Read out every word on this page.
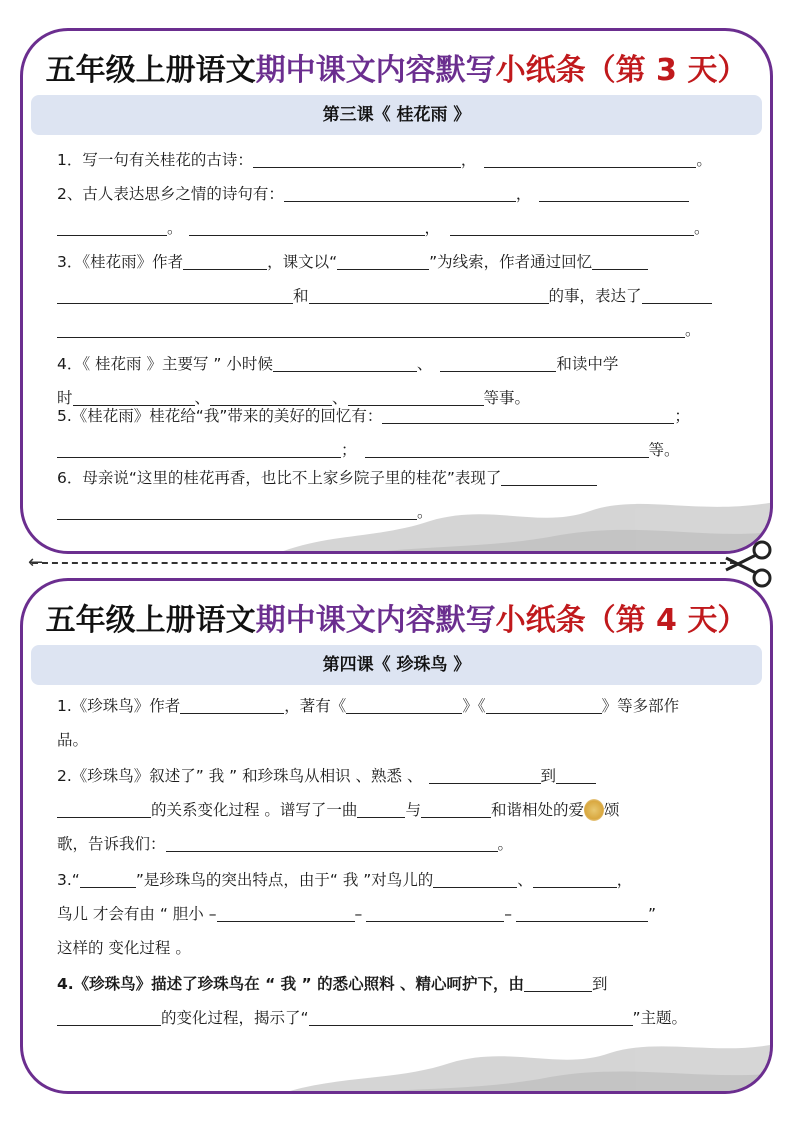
五年级上册语文期中课文内容默写小纸条（第 3 天）
第三课《 桂花雨 》

1．写一句有关桂花的古诗：	，	。

2、古人表达思乡之情的诗句有：	，

。	，	。

3．《桂花雨》作者	，课文以“	”为线索，作者通过回忆

和	的事，表达了

。

4．《 桂花雨 》主要写 ” 小时候	、	和读中学

时	、	、	等事。

5.《桂花雨》桂花给“我”带来的美好的回忆有：	；

；	等。

6．母亲说“这里的桂花再香，也比不上家乡院子里的桂花”表现了

。

←
五年级上册语文期中课文内容默写小纸条（第 4 天）
第四课《 珍珠鸟 》

1.《珍珠鸟》作者	，著有《	》《	》等多部作

品。

2.《珍珠鸟》叙述了” 我 ” 和珍珠鸟从相识 、熟悉 、	到

的关系变化过程 。谱写了一曲	与	和谐相处的爱 颂

歌，告诉我们：	。

3.“	”是珍珠鸟的突出特点，由于“ 我 ”对鸟儿的	、	，

鸟儿 才会有由 “ 胆小 –	–	–	”

这样的 变化过程 。

4.《珍珠鸟》描述了珍珠鸟在 “ 我 ” 的悉心照料 、精心呵护下，由	到

的变化过程，揭示了“	”主题。
